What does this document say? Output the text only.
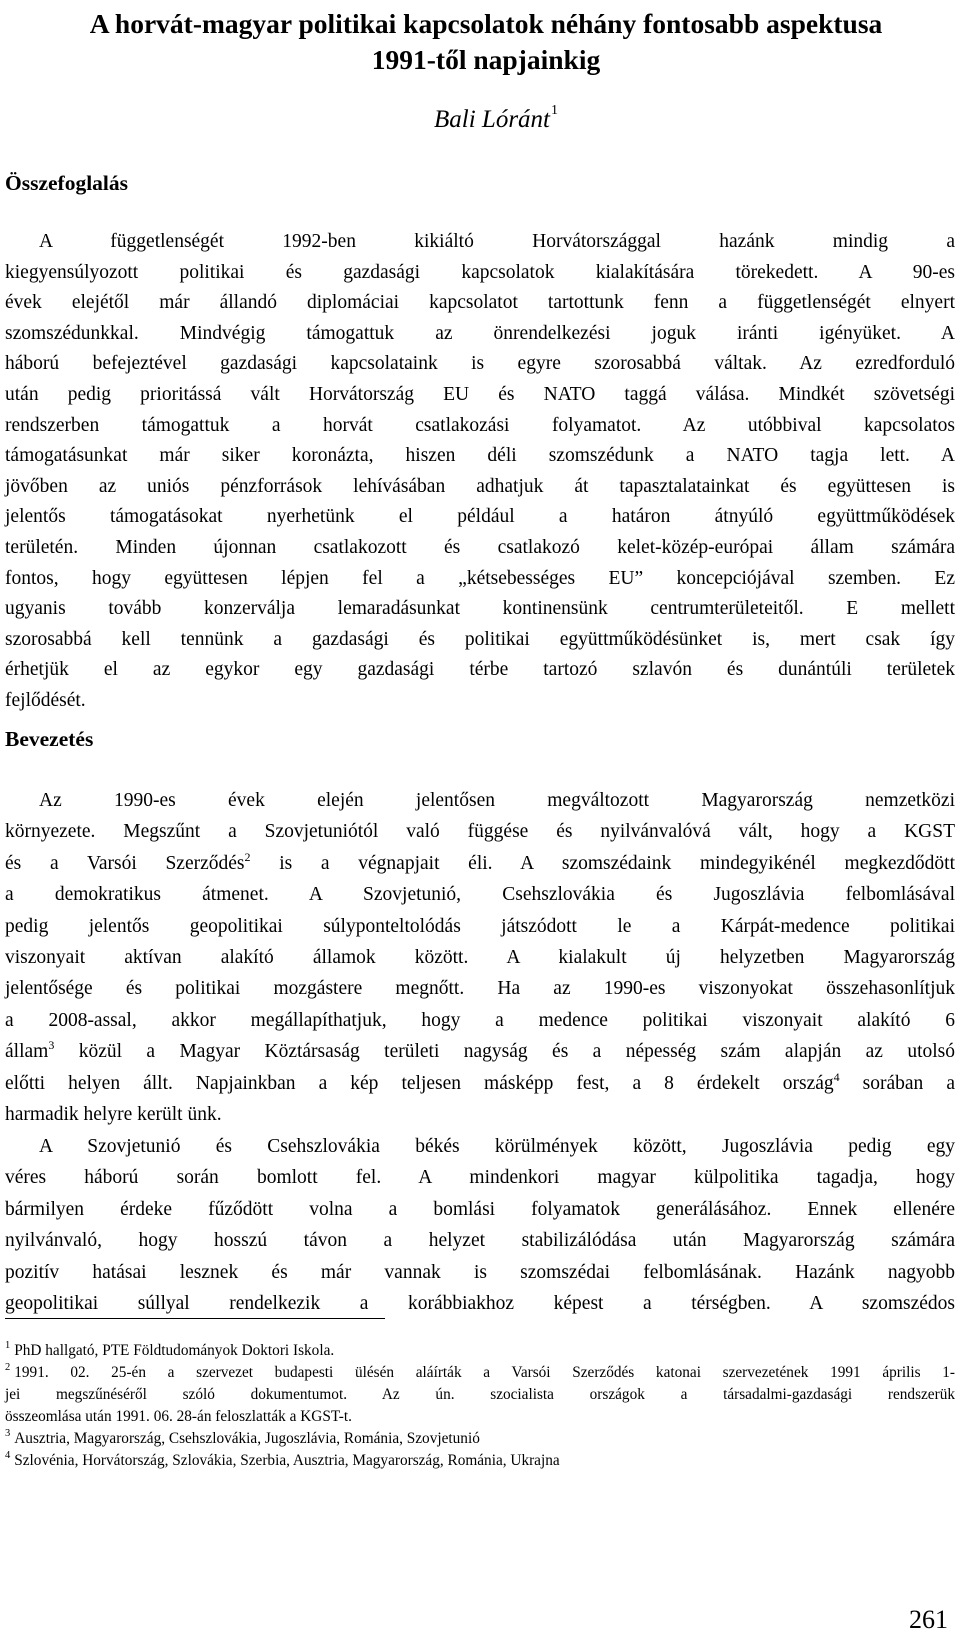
A horvát-magyar politikai kapcsolatok néhány fontosabb aspektusa
1991-től napjainkig
Bali Lóránt$^1$
Összefoglalás
A függetlenségét 1992-ben kikiáltó Horvátországgal hazánk mindig a
kiegyensúlyozott politikai és gazdasági kapcsolatok kialakítására törekedett. A 90-es
évek elejétől már állandó diplomáciai kapcsolatot tartottunk fenn a függetlenségét elnyert
szomszédunkkal. Mindvégig támogattuk az önrendelkezési joguk iránti igényüket. A
háború befejeztével gazdasági kapcsolataink is egyre szorosabbá váltak. Az ezredforduló
után pedig prioritássá vált Horvátország EU és NATO taggá válása. Mindkét szövetségi
rendszerben támogattuk a horvát csatlakozási folyamatot. Az utóbbival kapcsolatos
támogatásunkat már siker koronázta, hiszen déli szomszédunk a NATO tagja lett. A
jövőben az uniós pénzforrások lehívásában adhatjuk át tapasztalatainkat és együttesen is
jelentős támogatásokat nyerhetünk el például a határon átnyúló együttműködések
területén. Minden újonnan csatlakozott és csatlakozó kelet-közép-európai állam számára
fontos, hogy együttesen lépjen fel a „kétsebességes EU” koncepciójával szemben. Ez
ugyanis tovább konzerválja lemaradásunkat kontinensünk centrumterületeitől. E mellett
szorosabbá kell tennünk a gazdasági és politikai együttműködésünket is, mert csak így
érhetjük el az egykor egy gazdasági térbe tartozó szlavón és dunántúli területek
fejlődését.
Bevezetés
Az 1990-es évek elején jelentősen megváltozott Magyarország nemzetközi
környezete. Megszűnt a Szovjetuniótól való függése és nyilvánvalóvá vált, hogy a KGST
és a Varsói Szerződés$^2$ is a végnapjait éli. A szomszédaink mindegyikénél megkezdődött
a demokratikus átmenet. A Szovjetunió, Csehszlovákia és Jugoszlávia felbomlásával
pedig jelentős geopolitikai súlyponteltolódás játszódott le a Kárpát-medence politikai
viszonyait aktívan alakító államok között. A kialakult új helyzetben Magyarország
jelentősége és politikai mozgástere megnőtt. Ha az 1990-es viszonyokat összehasonlítjuk
a 2008-assal, akkor megállapíthatjuk, hogy a medence politikai viszonyait alakító 6
állam$^3$ közül a Magyar Köztársaság területi nagyság és a népesség szám alapján az utolsó
előtti helyen állt. Napjainkban a kép teljesen másképp fest, a 8 érdekelt ország$^4$ sorában a
harmadik helyre került ünk.
A Szovjetunió és Csehszlovákia békés körülmények között, Jugoszlávia pedig egy
véres háború során bomlott fel. A mindenkori magyar külpolitika tagadja, hogy
bármilyen érdeke fűződött volna a bomlási folyamatok generálásához. Ennek ellenére
nyilvánvaló, hogy hosszú távon a helyzet stabilizálódása után Magyarország számára
pozitív hatásai lesznek és már vannak is szomszédai felbomlásának. Hazánk nagyobb
geopolitikai súllyal rendelkezik a korábbiakhoz képest a térségben. A szomszédos
$^1$ PhD hallgató, PTE Földtudományok Doktori Iskola.
$^2$ 1991. 02. 25-én a szervezet budapesti ülésén aláírták a Varsói Szerződés katonai szervezetének 1991 április 1-
jei megszűnéséről szóló dokumentumot. Az ún. szocialista országok a társadalmi-gazdasági rendszerük
összeomlása után 1991. 06. 28-án feloszlatták a KGST-t.
$^3$ Ausztria, Magyarország, Csehszlovákia, Jugoszlávia, Románia, Szovjetunió
$^4$ Szlovénia, Horvátország, Szlovákia, Szerbia, Ausztria, Magyarország, Románia, Ukrajna
261
